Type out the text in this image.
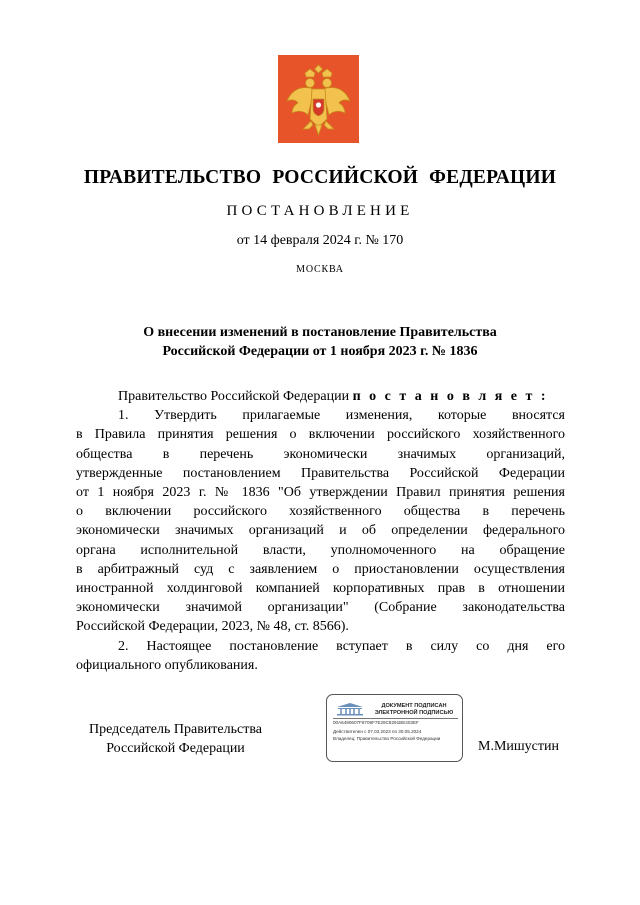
ПРАВИТЕЛЬСТВО РОССИЙСКОЙ ФЕДЕРАЦИИ
ПОСТАНОВЛЕНИЕ
от 14 февраля 2024 г. № 170
МОСКВА
О внесении изменений в постановление Правительства
Российской Федерации от 1 ноября 2023 г. № 1836

Правительство Российской Федерации п о с т а н о в л я е т :

1. Утвердить прилагаемые изменения, которые вносятся

в Правила принятия решения о включении российского хозяйственного

общества в перечень экономически значимых организаций,

утвержденные постановлением Правительства Российской Федерации

от 1 ноября 2023 г. № 1836 "Об утверждении Правил принятия решения

о включении российского хозяйственного общества в перечень

экономически значимых организаций и об определении федерального

органа исполнительной власти, уполномоченного на обращение

в арбитражный суд с заявлением о приостановлении осуществления

иностранной холдинговой компанией корпоративных прав в отношении

экономически значимой организации" (Собрание законодательства

Российской Федерации, 2023, № 48, ст. 8566).

2. Настоящее постановление вступает в силу со дня его

официального опубликования.

Председатель Правительства
Российской Федерации
ДОКУМЕНТ ПОДПИСАН
ЭЛЕКТРОННОЙ ПОДПИСЬЮ
00A6490607F8709F7E29C8291BE403EF
Действителен с 07.03.2023 по 30.05.2024
Владелец: Правительство Российской Федерации
М.Мишустин
